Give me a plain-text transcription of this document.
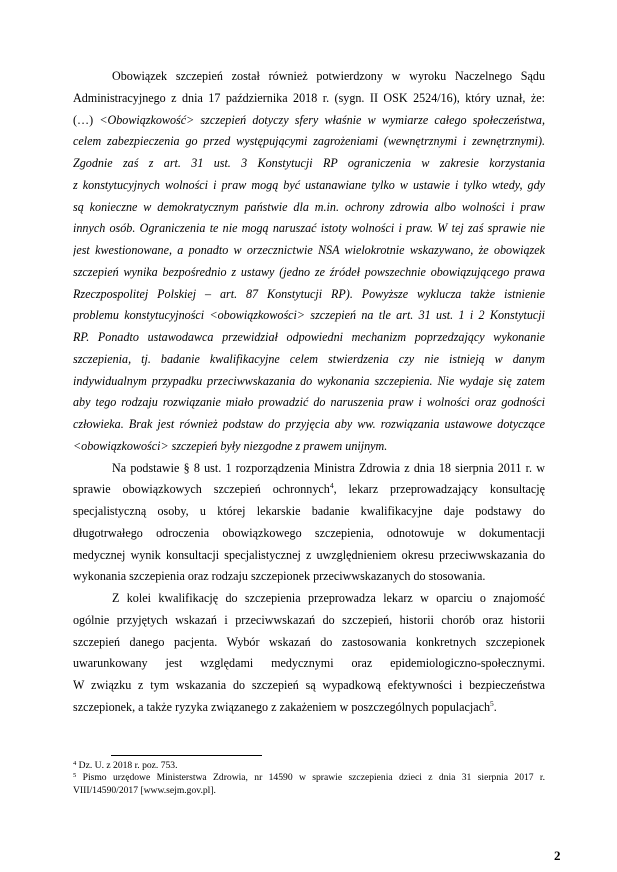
Obowiązek szczepień został również potwierdzony w wyroku Naczelnego Sądu
Administracyjnego z dnia 17 października 2018 r. (sygn. II OSK 2524/16), który uznał, że:
(…) <Obowiązkowość> szczepień dotyczy sfery właśnie w wymiarze całego społeczeństwa,
celem zabezpieczenia go przed występującymi zagrożeniami (wewnętrznymi i zewnętrznymi).
Zgodnie zaś z art. 31 ust. 3 Konstytucji RP ograniczenia w zakresie korzystania
z konstytucyjnych wolności i praw mogą być ustanawiane tylko w ustawie i tylko wtedy, gdy
są konieczne w demokratycznym państwie dla m.in. ochrony zdrowia albo wolności i praw
innych osób. Ograniczenia te nie mogą naruszać istoty wolności i praw. W tej zaś sprawie nie
jest kwestionowane, a ponadto w orzecznictwie NSA wielokrotnie wskazywano, że obowiązek
szczepień wynika bezpośrednio z ustawy (jedno ze źródeł powszechnie obowiązującego prawa
Rzeczpospolitej Polskiej – art. 87 Konstytucji RP). Powyższe wyklucza także istnienie
problemu konstytucyjności <obowiązkowości> szczepień na tle art. 31 ust. 1 i 2 Konstytucji
RP. Ponadto ustawodawca przewidział odpowiedni mechanizm poprzedzający wykonanie
szczepienia, tj. badanie kwalifikacyjne celem stwierdzenia czy nie istnieją w danym
indywidualnym przypadku przeciwwskazania do wykonania szczepienia. Nie wydaje się zatem
aby tego rodzaju rozwiązanie miało prowadzić do naruszenia praw i wolności oraz godności
człowieka. Brak jest również podstaw do przyjęcia aby ww. rozwiązania ustawowe dotyczące
<obowiązkowości> szczepień były niezgodne z prawem unijnym.
Na podstawie § 8 ust. 1 rozporządzenia Ministra Zdrowia z dnia 18 sierpnia 2011 r. w
sprawie obowiązkowych szczepień ochronnych$^4$, lekarz przeprowadzający konsultację
specjalistyczną osoby, u której lekarskie badanie kwalifikacyjne daje podstawy do
długotrwałego odroczenia obowiązkowego szczepienia, odnotowuje w dokumentacji
medycznej wynik konsultacji specjalistycznej z uwzględnieniem okresu przeciwwskazania do
wykonania szczepienia oraz rodzaju szczepionek przeciwwskazanych do stosowania.
Z kolei kwalifikację do szczepienia przeprowadza lekarz w oparciu o znajomość
ogólnie przyjętych wskazań i przeciwwskazań do szczepień, historii chorób oraz historii
szczepień danego pacjenta. Wybór wskazań do zastosowania konkretnych szczepionek
uwarunkowany jest względami medycznymi oraz epidemiologiczno-społecznymi.
W związku z tym wskazania do szczepień są wypadkową efektywności i bezpieczeństwa
szczepionek, a także ryzyka związanego z zakażeniem w poszczególnych populacjach$^5$.
$^4$ Dz. U. z 2018 r. poz. 753.
$^5$ Pismo urzędowe Ministerstwa Zdrowia, nr 14590 w sprawie szczepienia dzieci z dnia 31 sierpnia 2017 r.
VIII/14590/2017 [www.sejm.gov.pl].
2
